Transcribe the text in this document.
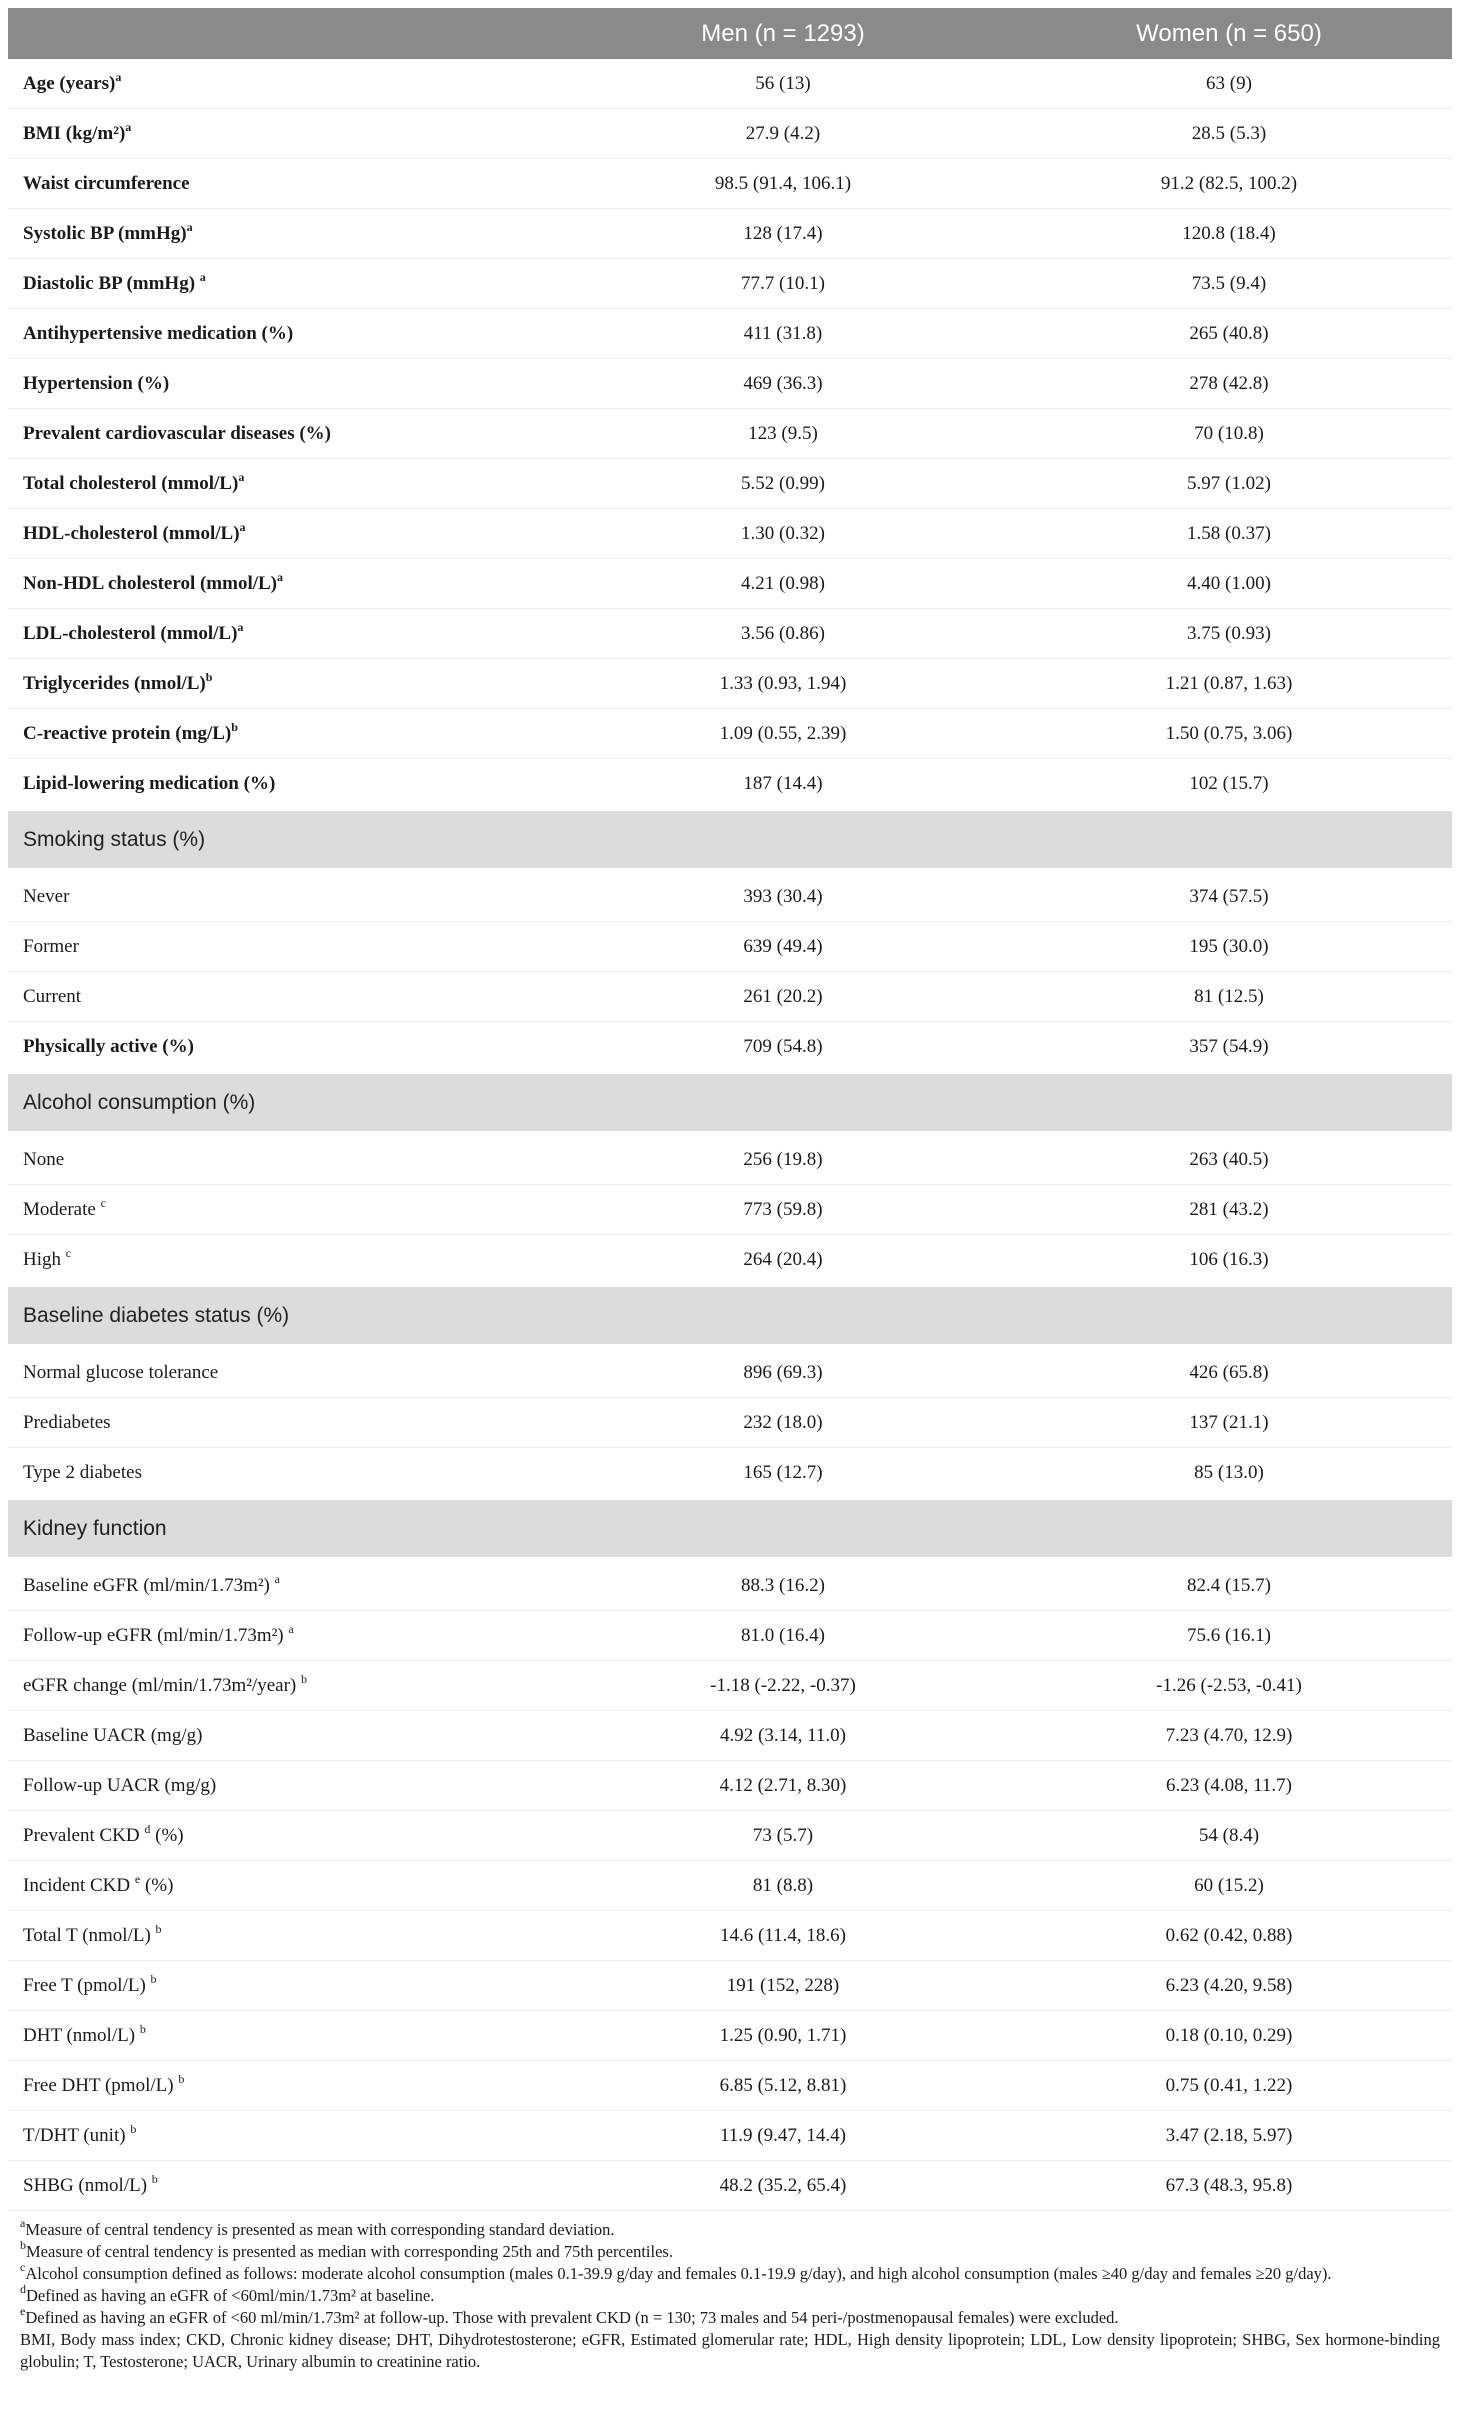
	Men (n = 1293)	Women (n = 650)
Age (years)$^a$	56 (13)	63 (9)
BMI $(kg/m^2)^a$	27.9 (4.2)	28.5 (5.3)
Waist circumference	98.5 (91.4, 106.1)	91.2 (82.5, 100.2)
Systolic BP (mmHg)$^a$	128 (17.4)	120.8 (18.4)
Diastolic BP (mmHg) $^a$	77.7 (10.1)	73.5 (9.4)
Antihypertensive medication (%)	411 (31.8)	265 (40.8)
Hypertension (%)	469 (36.3)	278 (42.8)
Prevalent cardiovascular diseases (%)	123 (9.5)	70 (10.8)
Total cholesterol (mmol/L)$^a$	5.52 (0.99)	5.97 (1.02)
HDL-cholesterol (mmol/L)$^a$	1.30 (0.32)	1.58 (0.37)
Non-HDL cholesterol (mmol/L)$^a$	4.21 (0.98)	4.40 (1.00)
LDL-cholesterol (mmol/L)$^a$	3.56 (0.86)	3.75 (0.93)
Triglycerides (nmol/L)$^b$	1.33 (0.93, 1.94)	1.21 (0.87, 1.63)
C-reactive protein $(mg/L)^b$	1.09 (0.55, 2.39)	1.50 (0.75, 3.06)
Lipid-lowering medication (%)	187 (14.4)	102 (15.7)
Smoking status (%)		
Never	393 (30.4)	374 (57.5)
Former	639 (49.4)	195 (30.0)
Current	261 (20.2)	81 (12.5)
Physically active (%)	709 (54.8)	357 (54.9)
Alcohol consumption (%)		
None	256 (19.8)	263 (40.5)
Moderate $^c$	773 (59.8)	281 (43.2)
High $^c$	264 (20.4)	106 (16.3)
Baseline diabetes status (%)		
Normal glucose tolerance	896 (69.3)	426 (65.8)
Prediabetes	232 (18.0)	137 (21.1)
Type 2 diabetes	165 (12.7)	85 (13.0)
Kidney function		
Baseline eGFR (ml/min/1.73m²) $^a$	88.3 (16.2)	82.4 (15.7)
Follow-up eGFR (ml/min/1.73m²) $^a$	81.0 (16.4)	75.6 (16.1)
eGFR change (ml/min/1.73m²/year) $^b$	-1.18 (-2.22, -0.37)	-1.26 (-2.53, -0.41)
Baseline UACR (mg/g)	4.92 (3.14, 11.0)	7.23 (4.70, 12.9)
Follow-up UACR (mg/g)	4.12 (2.71, 8.30)	6.23 (4.08, 11.7)
Prevalent CKD $^d$ (%)	73 (5.7)	54 (8.4)
Incident CKD $^e$ (%)	81 (8.8)	60 (15.2)
Total T (nmol/L) $^b$	14.6 (11.4, 18.6)	0.62 (0.42, 0.88)
Free T (pmol/L) $^b$	191 (152, 228)	6.23 (4.20, 9.58)
DHT (nmol/L) $^b$	1.25 (0.90, 1.71)	0.18 (0.10, 0.29)
Free DHT (pmol/L) $^b$	6.85 (5.12, 8.81)	0.75 (0.41, 1.22)
T/DHT (unit) $^b$	11.9 (9.47, 14.4)	3.47 (2.18, 5.97)
SHBG (nmol/L) $^b$	48.2 (35.2, 65.4)	67.3 (48.3, 95.8)

$^a$Measure of central tendency is presented as mean with corresponding standard deviation.

$^b$Measure of central tendency is presented as median with corresponding 25th and 75th percentiles.

$^c$Alcohol consumption defined as follows: moderate alcohol consumption (males 0.1-39.9 g/day and females 0.1-19.9 g/day), and high alcohol consumption (males ≥40 g/day and females ≥20 g/day).

$^d$Defined as having an eGFR of <60ml/min/1.73m² at baseline.

$^e$Defined as having an eGFR of <60 ml/min/1.73m² at follow-up. Those with prevalent CKD (n = 130; 73 males and 54 peri-/postmenopausal females) were excluded.

BMI, Body mass index; CKD, Chronic kidney disease; DHT, Dihydrotestosterone; eGFR, Estimated glomerular rate; HDL, High density lipoprotein; LDL, Low density lipoprotein; SHBG, Sex hormone-binding globulin; T, Testosterone; UACR, Urinary albumin to creatinine ratio.
